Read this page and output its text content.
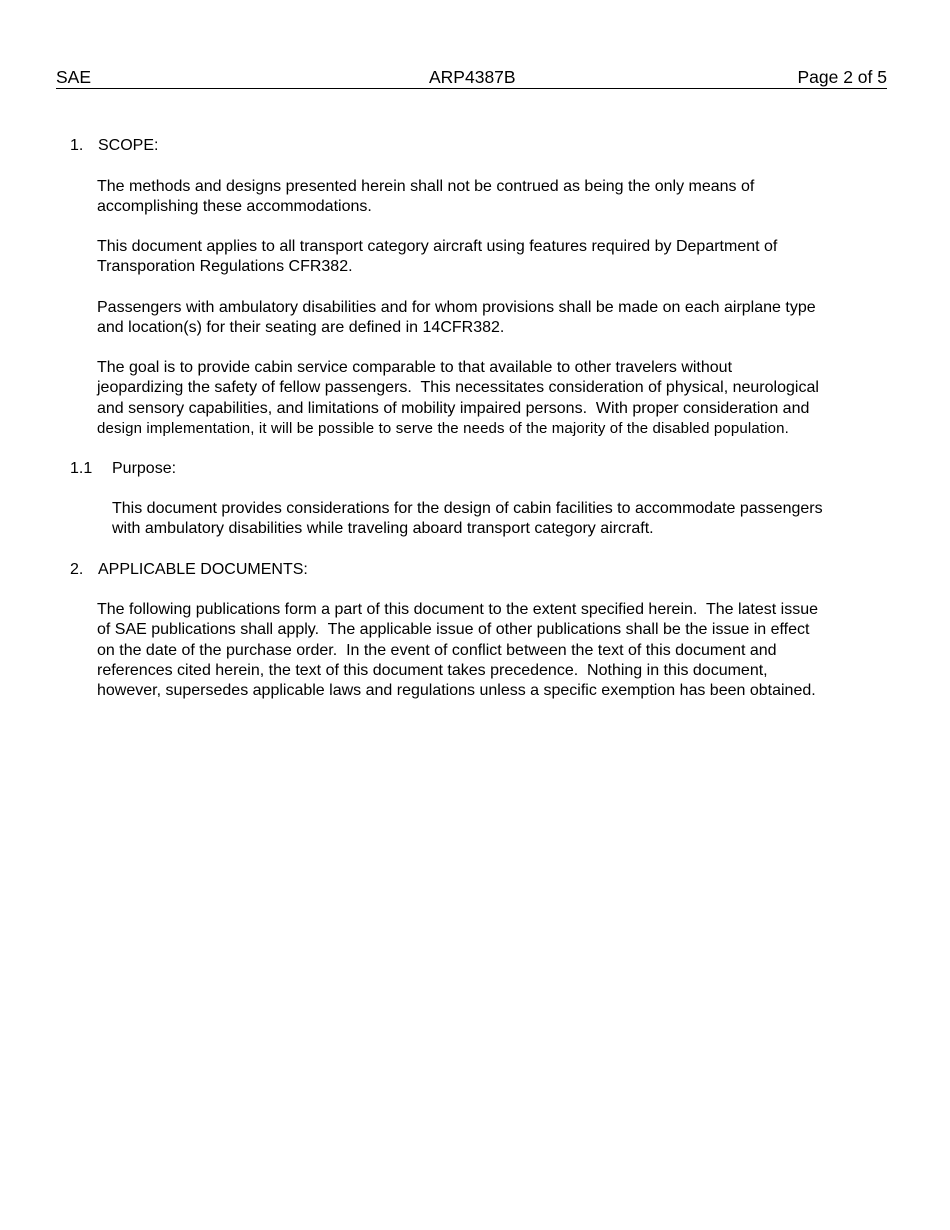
SAE	ARP4387B	Page 2 of 5
1. SCOPE:

The methods and designs presented herein shall not be contrued as being the only means of

accomplishing these accommodations.

This document applies to all transport category aircraft using features required by Department of

Transporation Regulations CFR382.

Passengers with ambulatory disabilities and for whom provisions shall be made on each airplane type

and location(s) for their seating are defined in 14CFR382.

The goal is to provide cabin service comparable to that available to other travelers without

jeopardizing the safety of fellow passengers.  This necessitates consideration of physical, neurological

and sensory capabilities, and limitations of mobility impaired persons.  With proper consideration and

design implementation, it will be possible to serve the needs of the majority of the disabled population.

1.1 Purpose:

This document provides considerations for the design of cabin facilities to accommodate passengers

with ambulatory disabilities while traveling aboard transport category aircraft.

2. APPLICABLE DOCUMENTS:

The following publications form a part of this document to the extent specified herein.  The latest issue

of SAE publications shall apply.  The applicable issue of other publications shall be the issue in effect

on the date of the purchase order.  In the event of conflict between the text of this document and

references cited herein, the text of this document takes precedence.  Nothing in this document,

however, supersedes applicable laws and regulations unless a specific exemption has been obtained.
